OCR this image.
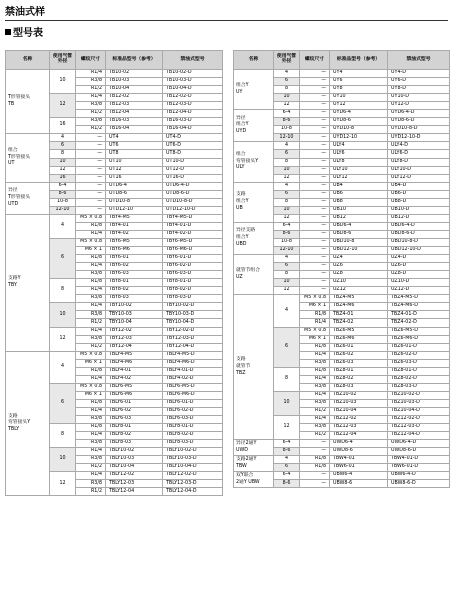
禁油式样
型号表
名称	使用气管外径	螺纹尺寸	标准品型号（参考）	禁油式型号
T形管接头
TB	10	R1/4	TB10-02	TB10-02-D
		R3/8	TB10-03	TB10-03-D
		R1/2	TB10-04	TB10-04-D
	12	R1/4	TB12-02	TB12-02-D
		R3/8	TB12-03	TB12-03-D
		R1/2	TB12-04	TB12-04-D
	16	R3/8	TB16-03	TB16-03-D
		R1/2	TB16-04	TB16-04-D
组合
T形管接头
UT	4	—	UT4	UT4-D
	6	—	UT6	UT6-D
	8	—	UT8	UT8-D
	10	—	UT10	UT10-D
	12	—	UT12	UT12-D
	16	—	UT16	UT16-D
异径
T形管接头
UTD	6-4	—	UTD6-4	UTD6-4-D
	8-6	—	UTD8-6	UTD8-6-D
	10-8	—	UTD10-8	UTD10-8-D
	12-10	—	UTD12-10	UTD12-10-D
支路Y
TBY	4	M5 × 0.8	TBY4-M5	TBY4-M5-D
		R1/8	TBY4-01	TBY4-01-D
		R1/4	TBY4-02	TBY4-02-D
	6	M5 × 0.8	TBY6-M5	TBY6-M5-D
		M6 × 1	TBY6-M6	TBY6-M6-D
		R1/8	TBY6-01	TBY6-01-D
		R1/4	TBY6-02	TBY6-02-D
		R3/8	TBY6-03	TBY6-03-D
	8	R1/8	TBY8-01	TBY8-01-D
		R1/4	TBY8-02	TBY8-02-D
		R3/8	TBY8-03	TBY8-03-D
	10	R1/4	TBY10-02	TBY10-02-D
		R3/8	TBY10-03	TBY10-03-D
		R1/2	TBY10-04	TBY10-04-D
	12	R1/4	TBY12-02	TBY12-02-D
		R3/8	TBY12-03	TBY12-03-D
		R1/2	TBY12-04	TBY12-04-D
支路
弯管接头Y
TBLY	4	M5 × 0.8	TBLY4-M5	TBLY4-M5-D
		M6 × 1	TBLY4-M6	TBLY4-M6-D
		R1/8	TBLY4-01	TBLY4-01-D
		R1/4	TBLY4-02	TBLY4-02-D
	6	M5 × 0.8	TBLY6-M5	TBLY6-M5-D
		M6 × 1	TBLY6-M6	TBLY6-M6-D
		R1/8	TBLY6-01	TBLY6-01-D
		R1/4	TBLY6-02	TBLY6-02-D
		R3/8	TBLY6-03	TBLY6-03-D
	8	R1/8	TBLY8-01	TBLY8-01-D
		R1/4	TBLY8-02	TBLY8-02-D
		R3/8	TBLY8-03	TBLY8-03-D
	10	R1/4	TBLY10-02	TBLY10-02-D
		R3/8	TBLY10-03	TBLY10-03-D
		R1/2	TBLY10-04	TBLY10-04-D
	12	R1/4	TBLY12-02	TBLY12-02-D
		R3/8	TBLY12-03	TBLY12-03-D
		R1/2	TBLY12-04	TBLY12-04-D
名称	使用气管外径	螺纹尺寸	标准品型号（参考）	禁油式型号
组合Y
UY	4	—	UY4	UY4-D
	6	—	UY6	UY6-D
	8	—	UY8	UY8-D
	10	—	UY10	UY10-D
	12	—	UY12	UY12-D
异径
组合Y
UYD	6-4	—	UYD6-4	UYD6-4-D
	8-6	—	UYD8-6	UYD8-6-D
	10-8	—	UYD10-8	UYD10-8-D
	12-10	—	UYD12-10	UYD12-10-D
组合
弯管接头Y
ULY	4	—	ULY4	ULY4-D
	6	—	ULY6	ULY6-D
	8	—	ULY8	ULY8-D
	10	—	ULY10	ULY10-D
	12	—	ULY12	ULY12-D
支路
组合Y
UB	4	—	UB4	UB4-D
	6	—	UB6	UB6-D
	8	—	UB8	UB8-D
	10	—	UB10	UB10-D
	12	—	UB12	UB12-D
异径支路
组合Y
UBD	6-4	—	UBD6-4	UBD6-4-D
	8-6	—	UBD8-6	UBD8-6-D
	10-8	—	UBD10-8	UBD10-8-D
	12-10	—	UBD12-10	UBD12-10-D
就管节组合
UZ	4	—	UZ4	UZ4-D
	6	—	UZ6	UZ6-D
	8	—	UZ8	UZ8-D
	10	—	UZ10	UZ10-D
	12	—	UZ12	UZ12-D
支路
就管节
TBZ	4	M5 × 0.8	TBZ4-M5	TBZ4-M5-D
		M6 × 1	TBZ4-M6	TBZ4-M6-D
		R1/8	TBZ4-01	TBZ4-01-D
		R1/4	TBZ4-02	TBZ4-02-D
	6	M5 × 0.8	TBZ6-M5	TBZ6-M5-D
		M6 × 1	TBZ6-M6	TBZ6-M6-D
		R1/8	TBZ6-01	TBZ6-01-D
		R1/4	TBZ6-02	TBZ6-02-D
		R3/8	TBZ6-03	TBZ6-03-D
	8	R1/8	TBZ8-01	TBZ8-01-D
		R1/4	TBZ8-02	TBZ8-02-D
		R3/8	TBZ8-03	TBZ8-03-D
	10	R1/4	TBZ10-02	TBZ10-02-D
		R3/8	TBZ10-03	TBZ10-03-D
		R1/2	TBZ10-04	TBZ10-04-D
	12	R1/4	TBZ12-02	TBZ12-02-D
		R3/8	TBZ12-03	TBZ12-03-D
		R1/2	TBZ12-04	TBZ12-04-D
异径2通Y
UWD	6-4	—	UWD6-4	UWD6-4-D
	8-6	—	UWD8-6	UWD8-6-D
支路2通Y
TBW	4	R1/8	TBW4-01	TBW4-01-D
	6	R1/8	TBW6-01	TBW6-01-D
双Y联合
2通Y UBW	6-4	—	UBW6-4	UBW6-4-D
	8-6	—	UBW8-6	UBW8-6-D
